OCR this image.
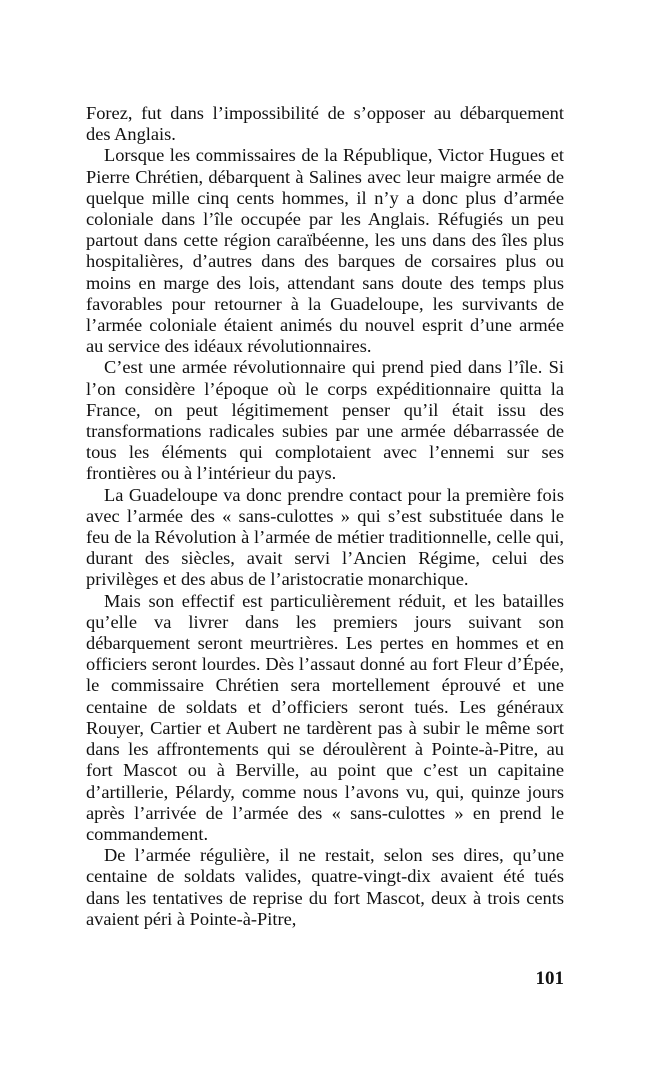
Forez, fut dans l’impossibilité de s’opposer au débarquement des Anglais.

Lorsque les commissaires de la République, Victor Hugues et Pierre Chrétien, débarquent à Salines avec leur maigre armée de quelque mille cinq cents hommes, il n’y a donc plus d’armée coloniale dans l’île occupée par les Anglais. Réfugiés un peu partout dans cette région caraïbéenne, les uns dans des îles plus hospitalières, d’autres dans des barques de corsaires plus ou moins en marge des lois, attendant sans doute des temps plus favorables pour retourner à la Guadeloupe, les survivants de l’armée coloniale étaient animés du nouvel esprit d’une armée au service des idéaux révolutionnaires.

C’est une armée révolutionnaire qui prend pied dans l’île. Si l’on considère l’époque où le corps expéditionnaire quitta la France, on peut légitimement penser qu’il était issu des transformations radicales subies par une armée débarrassée de tous les éléments qui complotaient avec l’ennemi sur ses frontières ou à l’intérieur du pays.

La Guadeloupe va donc prendre contact pour la première fois avec l’armée des « sans-culottes » qui s’est substituée dans le feu de la Révolution à l’armée de métier traditionnelle, celle qui, durant des siècles, avait servi l’Ancien Régime, celui des privilèges et des abus de l’aristocratie monarchique.

Mais son effectif est particulièrement réduit, et les batailles qu’elle va livrer dans les premiers jours suivant son débarquement seront meurtrières. Les pertes en hommes et en officiers seront lourdes. Dès l’assaut donné au fort Fleur d’Épée, le commissaire Chrétien sera mortellement éprouvé et une centaine de soldats et d’officiers seront tués. Les généraux Rouyer, Cartier et Aubert ne tardèrent pas à subir le même sort dans les affrontements qui se déroulèrent à Pointe-à-Pitre, au fort Mascot ou à Berville, au point que c’est un capitaine d’artillerie, Pélardy, comme nous l’avons vu, qui, quinze jours après l’arrivée de l’armée des « sans-culottes » en prend le commandement.

De l’armée régulière, il ne restait, selon ses dires, qu’une centaine de soldats valides, quatre-vingt-dix avaient été tués dans les tentatives de reprise du fort Mascot, deux à trois cents avaient péri à Pointe-à-Pitre,

101
